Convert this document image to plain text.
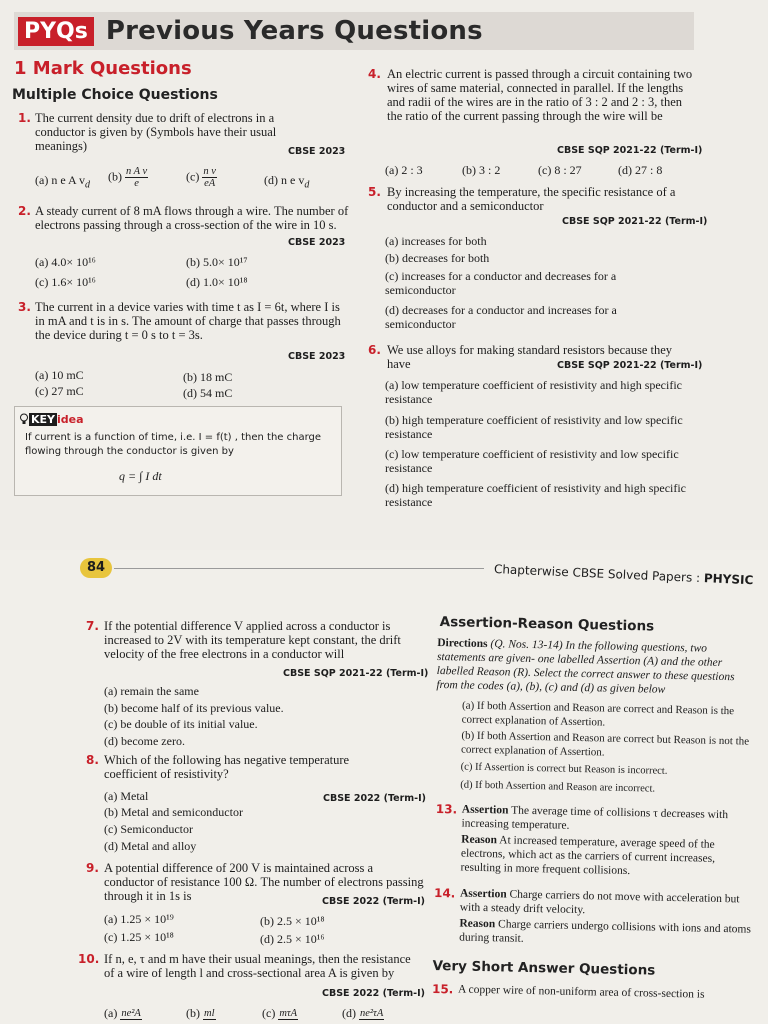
PYQs Previous Years Questions
1 Mark Questions
Multiple Choice Questions
1. The current density due to drift of electrons in a conductor is given by (Symbols have their usual meanings)	CBSE 2023
(a) n e A $v_d$
$(b) \frac{\text{n A v}}{e}$	$(c) \frac{\text{n v}}{eA}$	(d) n e $v_d$
2. A steady current of 8 mA flows through a wire. The number of electrons passing through a cross-section of the wire in 10 s.
CBSE 2023
(a) 4.0× 10¹⁶	(b) 5.0× 10¹⁷
(c) 1.6× 10¹⁶	(d) 1.0× 10¹⁸
3. The current in a device varies with time t as I = 6t, where I is in mA and t is in s. The amount of charge that passes through the device during t = 0 s to t = 3s.
CBSE 2023
(a) 10 mC	(b) 18 mC
(c) 27 mC	(d) 54 mC
KEY idea
If current is a function of time, i.e. I = f(t) , then the charge flowing through the conductor is given by
q = ∫ I dt
4. An electric current is passed through a circuit containing two wires of same material, connected in parallel. If the lengths and radii of the wires are in the ratio of 3 : 2 and 2 : 3, then the ratio of the current passing through the wire will be
CBSE SQP 2021-22 (Term-I)
(a) 2 : 3	(b) 3 : 2	(c) 8 : 27	(d) 27 : 8
5. By increasing the temperature, the specific resistance of a conductor and a semiconductor
CBSE SQP 2021-22 (Term-I)
(a) increases for both
(b) decreases for both
(c) increases for a conductor and decreases for a semiconductor
(d) decreases for a conductor and increases for a semiconductor
6. We use alloys for making standard resistors because they have	CBSE SQP 2021-22 (Term-I)
(a) low temperature coefficient of resistivity and high specific resistance
(b) high temperature coefficient of resistivity and low specific resistance
(c) low temperature coefficient of resistivity and low specific resistance
(d) high temperature coefficient of resistivity and high specific resistance
84	Chapterwise CBSE Solved Papers : PHYSIC
7. If the potential difference V applied across a conductor is increased to 2V with its temperature kept constant, the drift velocity of the free electrons in a conductor will
CBSE SQP 2021-22 (Term-I)
(a) remain the same
(b) become half of its previous value.
(c) be double of its initial value.
(d) become zero.
8. Which of the following has negative temperature coefficient of resistivity?
CBSE 2022 (Term-I)
(a) Metal
(b) Metal and semiconductor
(c) Semiconductor
(d) Metal and alloy
9. A potential difference of 200 V is maintained across a conductor of resistance 100 Ω. The number of electrons passing through it in 1s is	CBSE 2022 (Term-I)
(a) 1.25 × 10¹⁹	(b) 2.5 × 10¹⁸
(c) 1.25 × 10¹⁸	(d) 2.5 × 10¹⁶
10. If n, e, τ and m have their usual meanings, then the resistance of a wire of length l and cross-sectional area A is given by
CBSE 2022 (Term-I)
(a) ne²A	(b) ml	(c) mτA	(d) ne²τA
Assertion-Reason Questions
Directions (Q. Nos. 13-14) In the following questions, two statements are given- one labelled Assertion (A) and the other labelled Reason (R). Select the correct answer to these questions from the codes (a), (b), (c) and (d) as given below
(a) If both Assertion and Reason are correct and Reason is the correct explanation of Assertion.
(b) If both Assertion and Reason are correct but Reason is not the correct explanation of Assertion.
(c) If Assertion is correct but Reason is incorrect.
(d) If both Assertion and Reason are incorrect.
13. Assertion The average time of collisions τ decreases with increasing temperature.
Reason At increased temperature, average speed of the electrons, which act as the carriers of current increases, resulting in more frequent collisions.
14. Assertion Charge carriers do not move with acceleration but with a steady drift velocity.
Reason Charge carriers undergo collisions with ions and atoms during transit.
Very Short Answer Questions
15. A copper wire of non-uniform area of cross-section is
